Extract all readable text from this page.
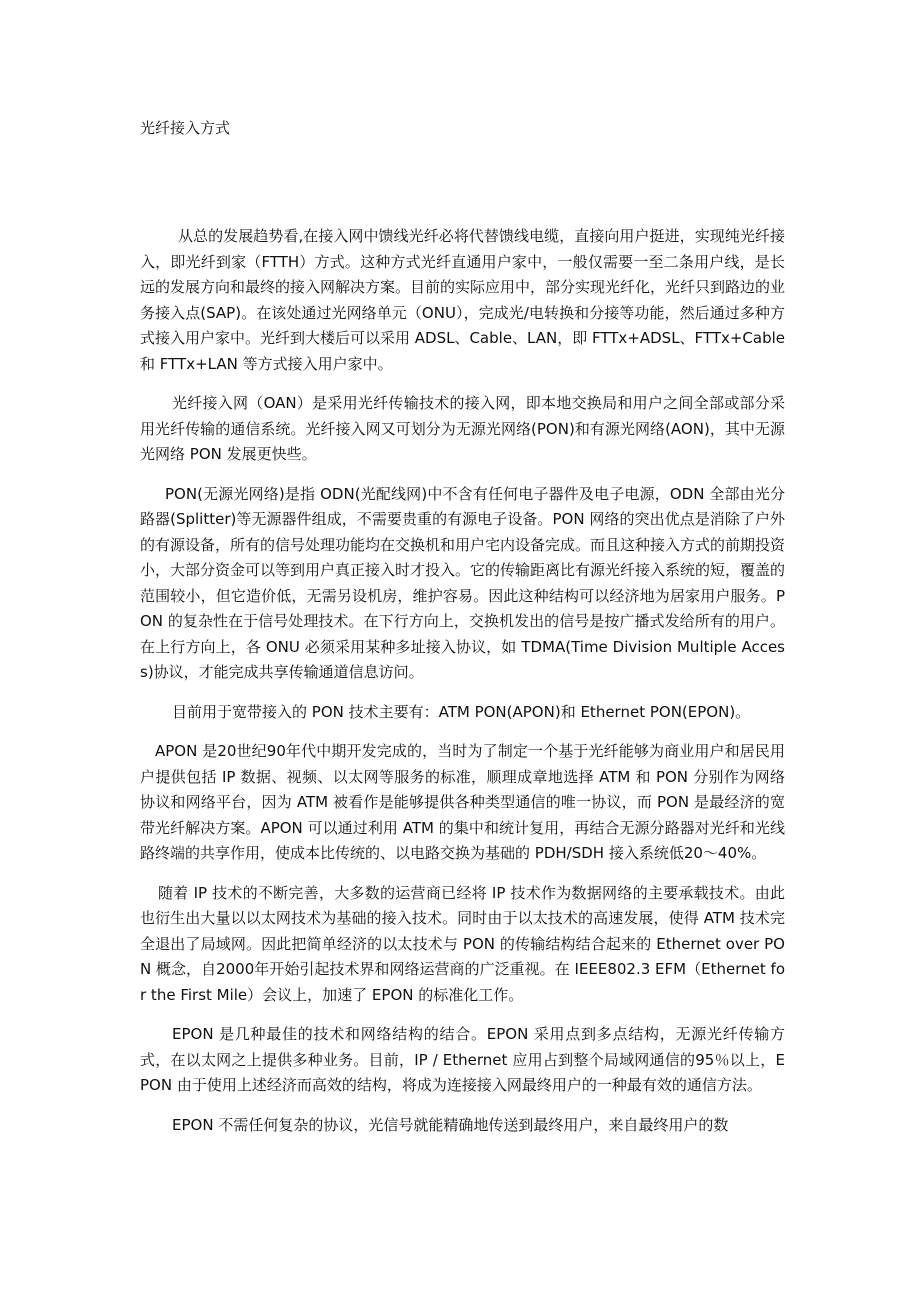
光纤接入方式

从总的发展趋势看,在接入网中馈线光纤必将代替馈线电缆，直接向用户挺进，实现纯光纤接入，即光纤到家（FTTH）方式。这种方式光纤直通用户家中，一般仅需要一至二条用户线，是长远的发展方向和最终的接入网解决方案。目前的实际应用中，部分实现光纤化，光纤只到路边的业务接入点(SAP)。在该处通过光网络单元（ONU），完成光/电转换和分接等功能，然后通过多种方式接入用户家中。光纤到大楼后可以采用 ADSL、Cable、LAN，即 FTTx+ADSL、FTTx+Cable 和 FTTx+LAN 等方式接入用户家中。

光纤接入网（OAN）是采用光纤传输技术的接入网，即本地交换局和用户之间全部或部分采用光纤传输的通信系统。光纤接入网又可划分为无源光网络(PON)和有源光网络(AON)，其中无源光网络 PON 发展更快些。

PON(无源光网络)是指 ODN(光配线网)中不含有任何电子器件及电子电源，ODN 全部由光分路器(Splitter)等无源器件组成，不需要贵重的有源电子设备。PON 网络的突出优点是消除了户外的有源设备，所有的信号处理功能均在交换机和用户宅内设备完成。而且这种接入方式的前期投资小，大部分资金可以等到用户真正接入时才投入。它的传输距离比有源光纤接入系统的短，覆盖的范围较小，但它造价低，无需另设机房，维护容易。因此这种结构可以经济地为居家用户服务。PON 的复杂性在于信号处理技术。在下行方向上，交换机发出的信号是按广播式发给所有的用户。在上行方向上，各 ONU 必须采用某种多址接入协议，如 TDMA(Time Division Multiple Access)协议，才能完成共享传输通道信息访问。

目前用于宽带接入的 PON 技术主要有：ATM PON(APON)和 Ethernet PON(EPON)。

APON 是20世纪90年代中期开发完成的，当时为了制定一个基于光纤能够为商业用户和居民用户提供包括 IP 数据、视频、以太网等服务的标准，顺理成章地选择 ATM 和 PON 分别作为网络协议和网络平台，因为 ATM 被看作是能够提供各种类型通信的唯一协议，而 PON 是最经济的宽带光纤解决方案。APON 可以通过利用 ATM 的集中和统计复用，再结合无源分路器对光纤和光线路终端的共享作用，使成本比传统的、以电路交换为基础的 PDH/SDH 接入系统低20～40%。

随着 IP 技术的不断完善，大多数的运营商已经将 IP 技术作为数据网络的主要承载技术。由此也衍生出大量以以太网技术为基础的接入技术。同时由于以太技术的高速发展，使得 ATM 技术完全退出了局域网。因此把简单经济的以太技术与 PON 的传输结构结合起来的 Ethernet over PON 概念，自2000年开始引起技术界和网络运营商的广泛重视。在 IEEE802.3 EFM（Ethernet for the First Mile）会议上，加速了 EPON 的标准化工作。

EPON 是几种最佳的技术和网络结构的结合。EPON 采用点到多点结构，无源光纤传输方式，在以太网之上提供多种业务。目前，IP / Ethernet 应用占到整个局域网通信的95％以上，EPON 由于使用上述经济而高效的结构，将成为连接接入网最终用户的一种最有效的通信方法。

EPON 不需任何复杂的协议，光信号就能精确地传送到最终用户，来自最终用户的数
